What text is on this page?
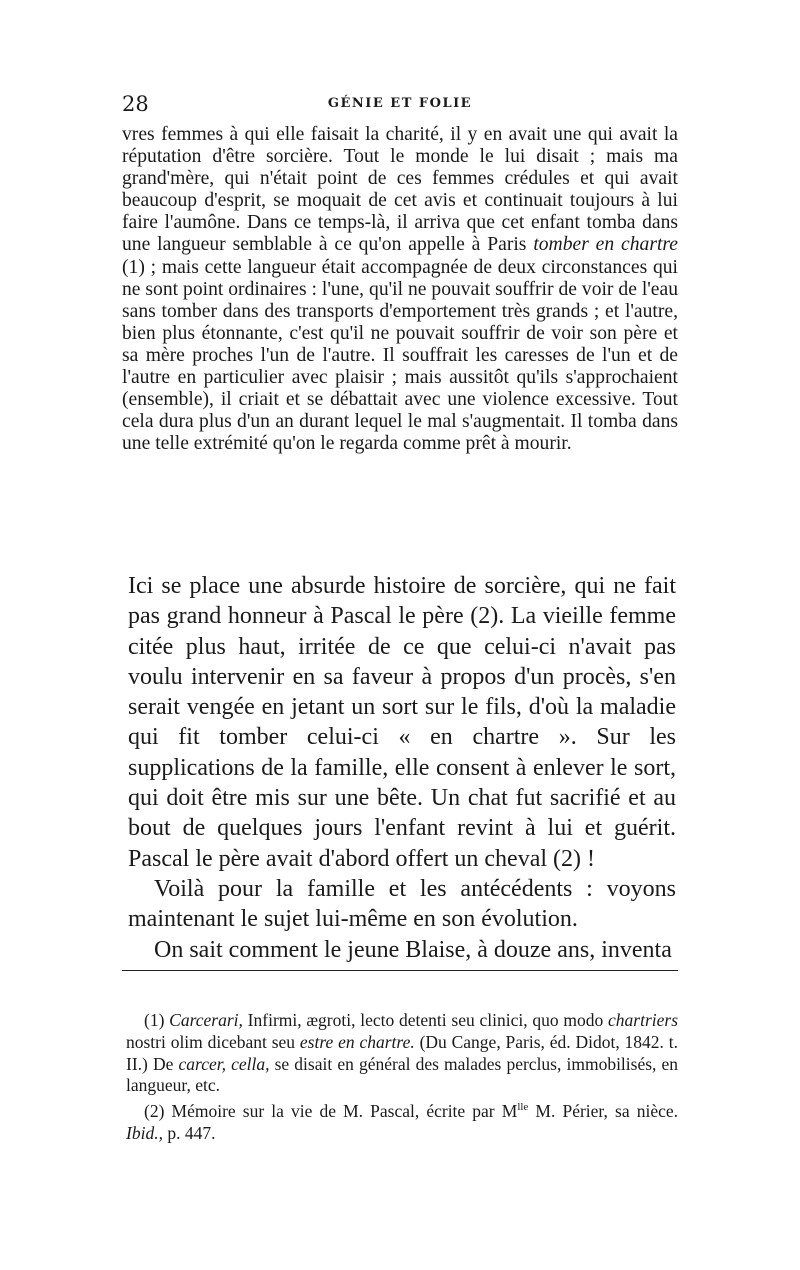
28	GÉNIE ET FOLIE

vres femmes à qui elle faisait la charité, il y en avait une qui avait la réputation d'être sorcière. Tout le monde le lui disait ; mais ma grand'mère, qui n'était point de ces femmes crédules et qui avait beaucoup d'esprit, se moquait de cet avis et continuait toujours à lui faire l'aumône. Dans ce temps-là, il arriva que cet enfant tomba dans une langueur semblable à ce qu'on appelle à Paris tomber en chartre (1) ; mais cette langueur était accompagnée de deux circonstances qui ne sont point ordinaires : l'une, qu'il ne pouvait souffrir de voir de l'eau sans tomber dans des transports d'emportement très grands ; et l'autre, bien plus étonnante, c'est qu'il ne pouvait souffrir de voir son père et sa mère proches l'un de l'autre. Il souffrait les caresses de l'un et de l'autre en particulier avec plaisir ; mais aussitôt qu'ils s'approchaient (ensemble), il criait et se débattait avec une violence excessive. Tout cela dura plus d'un an durant lequel le mal s'augmentait. Il tomba dans une telle extrémité qu'on le regarda comme prêt à mourir.

Ici se place une absurde histoire de sorcière, qui ne fait pas grand honneur à Pascal le père (2). La vieille femme citée plus haut, irritée de ce que celui-ci n'avait pas voulu intervenir en sa faveur à propos d'un procès, s'en serait vengée en jetant un sort sur le fils, d'où la maladie qui fit tomber celui-ci « en chartre ». Sur les supplications de la famille, elle consent à enlever le sort, qui doit être mis sur une bête. Un chat fut sacrifié et au bout de quelques jours l'enfant revint à lui et guérit. Pascal le père avait d'abord offert un cheval (2) !

Voilà pour la famille et les antécédents : voyons maintenant le sujet lui-même en son évolution.

On sait comment le jeune Blaise, à douze ans, inventa

(1) Carcerari, Infirmi, ægroti, lecto detenti seu clinici, quo modo chartriers nostri olim dicebant seu estre en chartre. (Du Cange, Paris, éd. Didot, 1842. t. II.) De carcer, cella, se disait en général des malades perclus, immobilisés, en langueur, etc.

(2) Mémoire sur la vie de M. Pascal, écrite par $M^{lle}$ M. Périer, sa nièce. Ibid., p. 447.
